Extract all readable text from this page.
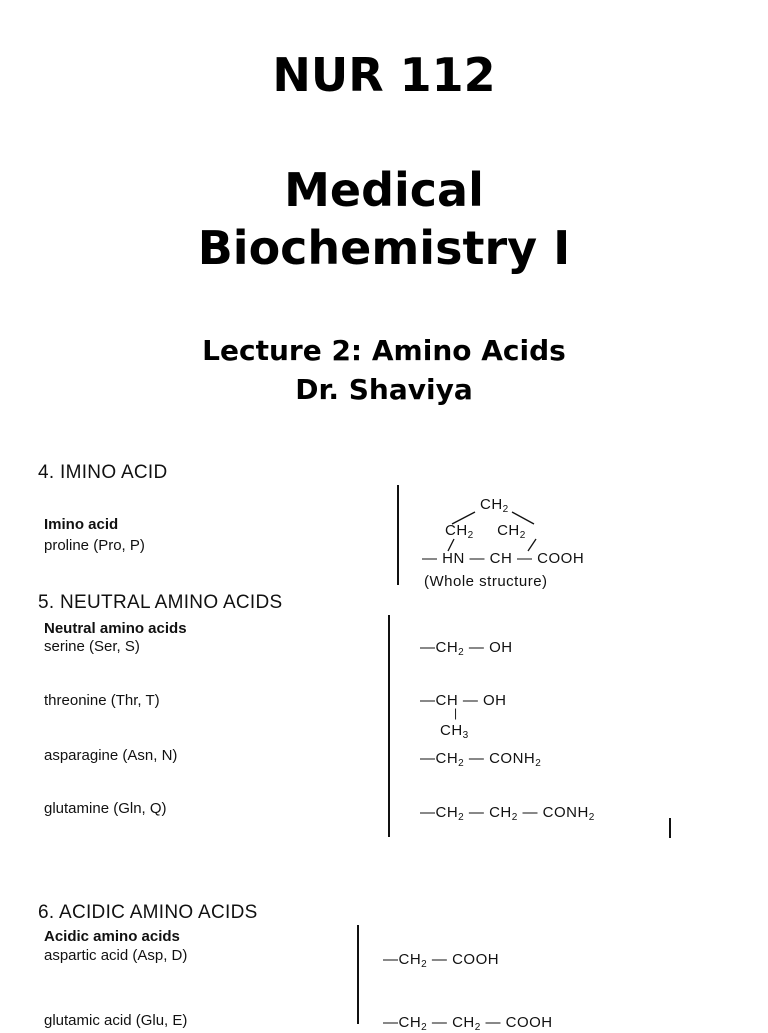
NUR 112
Medical
Biochemistry I
Lecture 2: Amino Acids
Dr. Shaviya
4. IMINO ACID
Imino acid
proline (Pro, P)
$CH_2$
$CH_2$     $CH_2$
— HN — CH — COOH
(Whole structure)
5. NEUTRAL AMINO ACIDS
Neutral amino acids
serine (Ser, S)	$—CH_2$ — OH
threonine (Thr, T)	—CH — OH
|
$CH_3$
asparagine (Asn, N)	$—CH_2$ — $CONH_2$
glutamine (Gln, Q)	$—CH_2$ — $CH_2$ — $CONH_2$
6. ACIDIC AMINO ACIDS
Acidic amino acids
aspartic acid (Asp, D)	$—CH_2$ — COOH
glutamic acid (Glu, E)	$—CH_2$ — $CH_2$ — COOH
